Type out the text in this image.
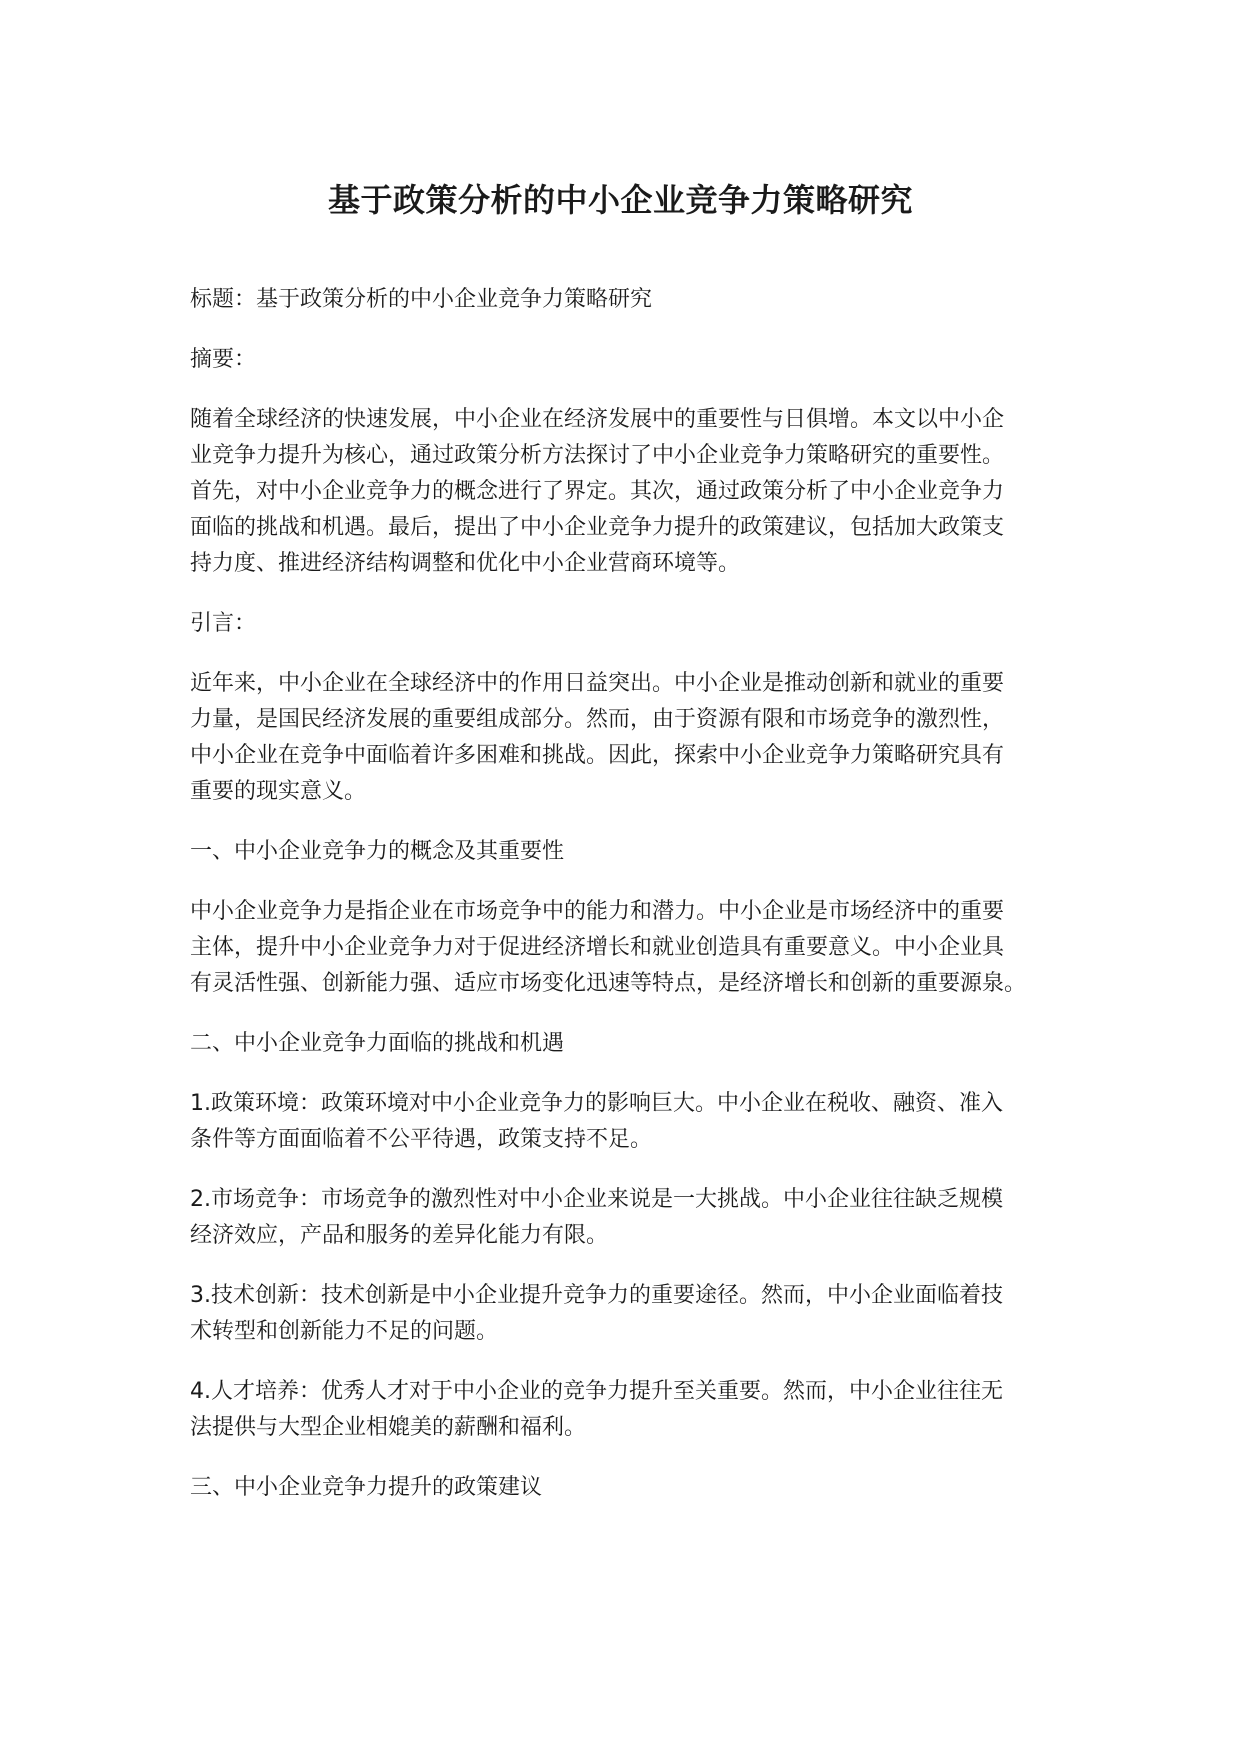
基于政策分析的中小企业竞争力策略研究

标题：基于政策分析的中小企业竞争力策略研究

摘要：

随着全球经济的快速发展，中小企业在经济发展中的重要性与日俱增。本文以中小企
业竞争力提升为核心，通过政策分析方法探讨了中小企业竞争力策略研究的重要性。
首先，对中小企业竞争力的概念进行了界定。其次，通过政策分析了中小企业竞争力
面临的挑战和机遇。最后，提出了中小企业竞争力提升的政策建议，包括加大政策支
持力度、推进经济结构调整和优化中小企业营商环境等。

引言：

近年来，中小企业在全球经济中的作用日益突出。中小企业是推动创新和就业的重要
力量，是国民经济发展的重要组成部分。然而，由于资源有限和市场竞争的激烈性，
中小企业在竞争中面临着许多困难和挑战。因此，探索中小企业竞争力策略研究具有
重要的现实意义。

一、中小企业竞争力的概念及其重要性

中小企业竞争力是指企业在市场竞争中的能力和潜力。中小企业是市场经济中的重要
主体，提升中小企业竞争力对于促进经济增长和就业创造具有重要意义。中小企业具
有灵活性强、创新能力强、适应市场变化迅速等特点，是经济增长和创新的重要源泉。

二、中小企业竞争力面临的挑战和机遇

1.政策环境：政策环境对中小企业竞争力的影响巨大。中小企业在税收、融资、准入
条件等方面面临着不公平待遇，政策支持不足。

2.市场竞争：市场竞争的激烈性对中小企业来说是一大挑战。中小企业往往缺乏规模
经济效应，产品和服务的差异化能力有限。

3.技术创新：技术创新是中小企业提升竞争力的重要途径。然而，中小企业面临着技
术转型和创新能力不足的问题。

4.人才培养：优秀人才对于中小企业的竞争力提升至关重要。然而，中小企业往往无
法提供与大型企业相媲美的薪酬和福利。

三、中小企业竞争力提升的政策建议
